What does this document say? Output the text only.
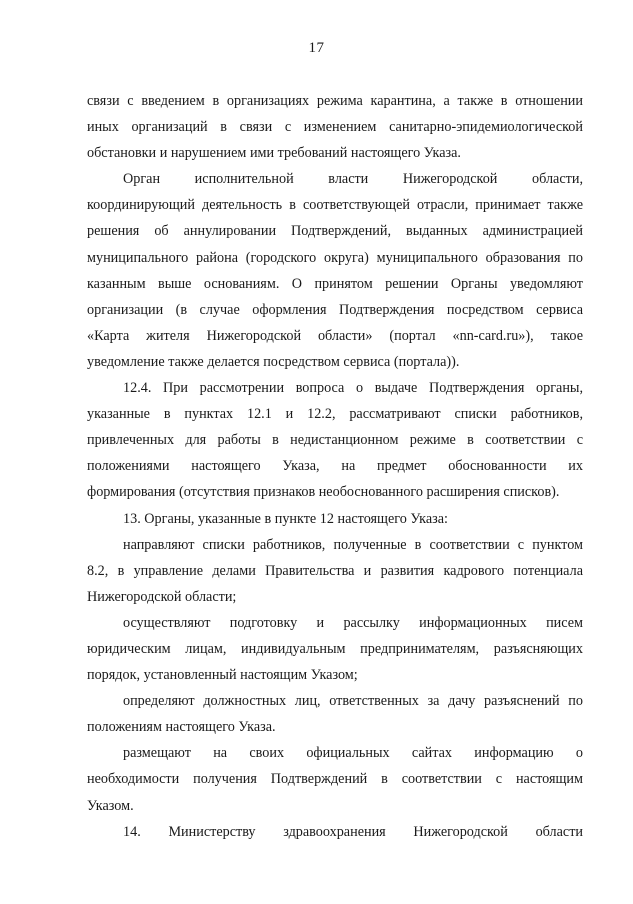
17
связи с введением в организациях режима карантина, а также в отношении
иных организаций в связи с изменением санитарно-эпидемиологической
обстановки и нарушением ими требований настоящего Указа.
Орган исполнительной власти Нижегородской области,
координирующий деятельность в соответствующей отрасли, принимает также
решения об аннулировании Подтверждений, выданных администрацией
муниципального района (городского округа) муниципального образования по
казанным выше основаниям. О принятом решении Органы уведомляют
организации (в случае оформления Подтверждения посредством сервиса
«Карта жителя Нижегородской области» (портал «nn-card.ru»), такое
уведомление также делается посредством сервиса (портала)).
12.4. При рассмотрении вопроса о выдаче Подтверждения органы,
указанные в пунктах 12.1 и 12.2, рассматривают списки работников,
привлеченных для работы в недистанционном режиме в соответствии с
положениями настоящего Указа, на предмет обоснованности их
формирования (отсутствия признаков необоснованного расширения списков).
13. Органы, указанные в пункте 12 настоящего Указа:
направляют списки работников, полученные в соответствии с пунктом
8.2, в управление делами Правительства и развития кадрового потенциала
Нижегородской области;
осуществляют подготовку и рассылку информационных писем
юридическим лицам, индивидуальным предпринимателям, разъясняющих
порядок, установленный настоящим Указом;
определяют должностных лиц, ответственных за дачу разъяснений по
положениям настоящего Указа.
размещают на своих официальных сайтах информацию о
необходимости получения Подтверждений в соответствии с настоящим
Указом.
14. Министерству здравоохранения Нижегородской области
